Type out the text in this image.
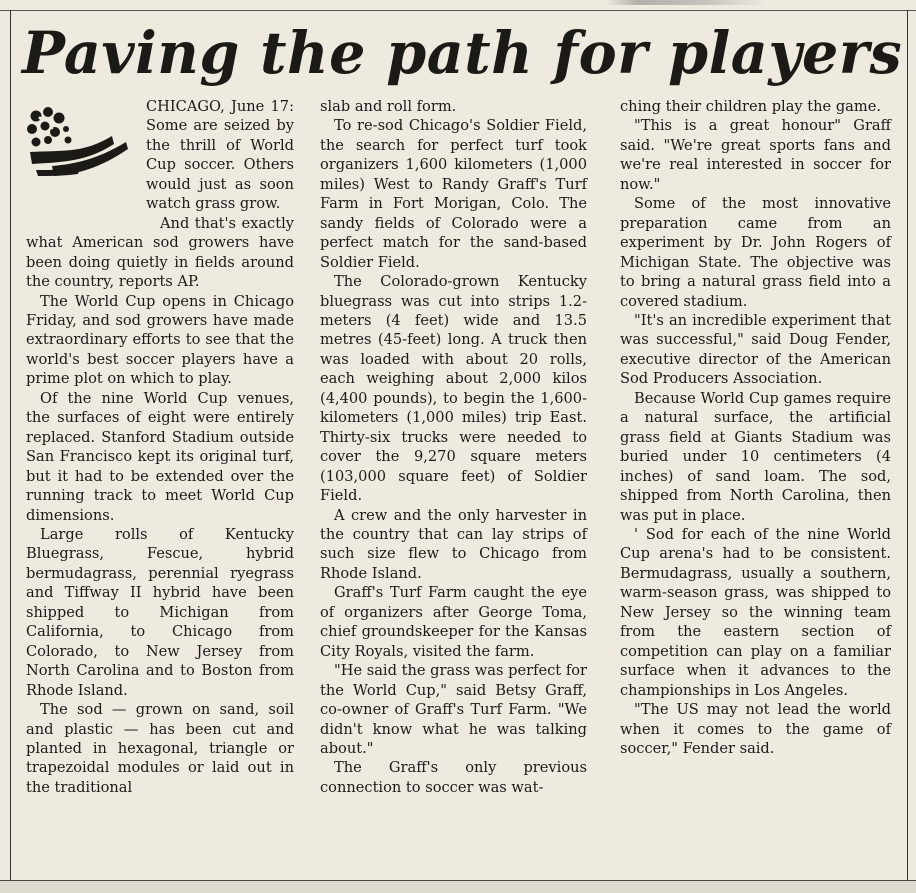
Paving the path for players

CHICAGO, June 17: Some are seized by the thrill of World Cup soccer. Others would just as soon watch grass grow.

And that's exactly what American sod growers have been doing quietly in fields around the country, reports AP.

The World Cup opens in Chicago Friday, and sod growers have made extraordinary efforts to see that the world's best soccer players have a prime plot on which to play.

Of the nine World Cup venues, the surfaces of eight were entirely replaced. Stanford Stadium outside San Francisco kept its original turf, but it had to be extended over the running track to meet World Cup dimensions.

Large rolls of Kentucky Bluegrass, Fescue, hybrid bermudagrass, perennial ryegrass and Tiffway II hybrid have been shipped to Michigan from California, to Chicago from Colorado, to New Jersey from North Carolina and to Boston from Rhode Island.

The sod — grown on sand, soil and plastic — has been cut and planted in hexagonal, triangle or trapezoidal modules or laid out in the traditional

slab and roll form.

To re-sod Chicago's Soldier Field, the search for perfect turf took organizers 1,600 kilometers (1,000 miles) West to Randy Graff's Turf Farm in Fort Morigan, Colo. The sandy fields of Colorado were a perfect match for the sand-based Soldier Field.

The Colorado-grown Kentucky bluegrass was cut into strips 1.2-meters (4 feet) wide and 13.5 metres (45-feet) long. A truck then was loaded with about 20 rolls, each weighing about 2,000 kilos (4,400 pounds), to begin the 1,600-kilometers (1,000 miles) trip East. Thirty-six trucks were needed to cover the 9,270 square meters (103,000 square feet) of Soldier Field.

A crew and the only harvester in the country that can lay strips of such size flew to Chicago from Rhode Island.

Graff's Turf Farm caught the eye of organizers after George Toma, chief groundskeeper for the Kansas City Royals, visited the farm.

"He said the grass was perfect for the World Cup," said Betsy Graff, co-owner of Graff's Turf Farm. "We didn't know what he was talking about."

The Graff's only previous connection to soccer was wat-

ching their children play the game.

"This is a great honour" Graff said. "We're great sports fans and we're real interested in soccer for now."

Some of the most innovative preparation came from an experiment by Dr. John Rogers of Michigan State. The objective was to bring a natural grass field into a covered stadium.

"It's an incredible experiment that was successful," said Doug Fender, executive director of the American Sod Producers Association.

Because World Cup games require a natural surface, the artificial grass field at Giants Stadium was buried under 10 centimeters (4 inches) of sand loam. The sod, shipped from North Carolina, then was put in place.

' Sod for each of the nine World Cup arena's had to be consistent. Bermudagrass, usually a southern, warm-season grass, was shipped to New Jersey so the winning team from the eastern section of competition can play on a familiar surface when it advances to the championships in Los Angeles.

"The US may not lead the world when it comes to the game of soccer," Fender said.
